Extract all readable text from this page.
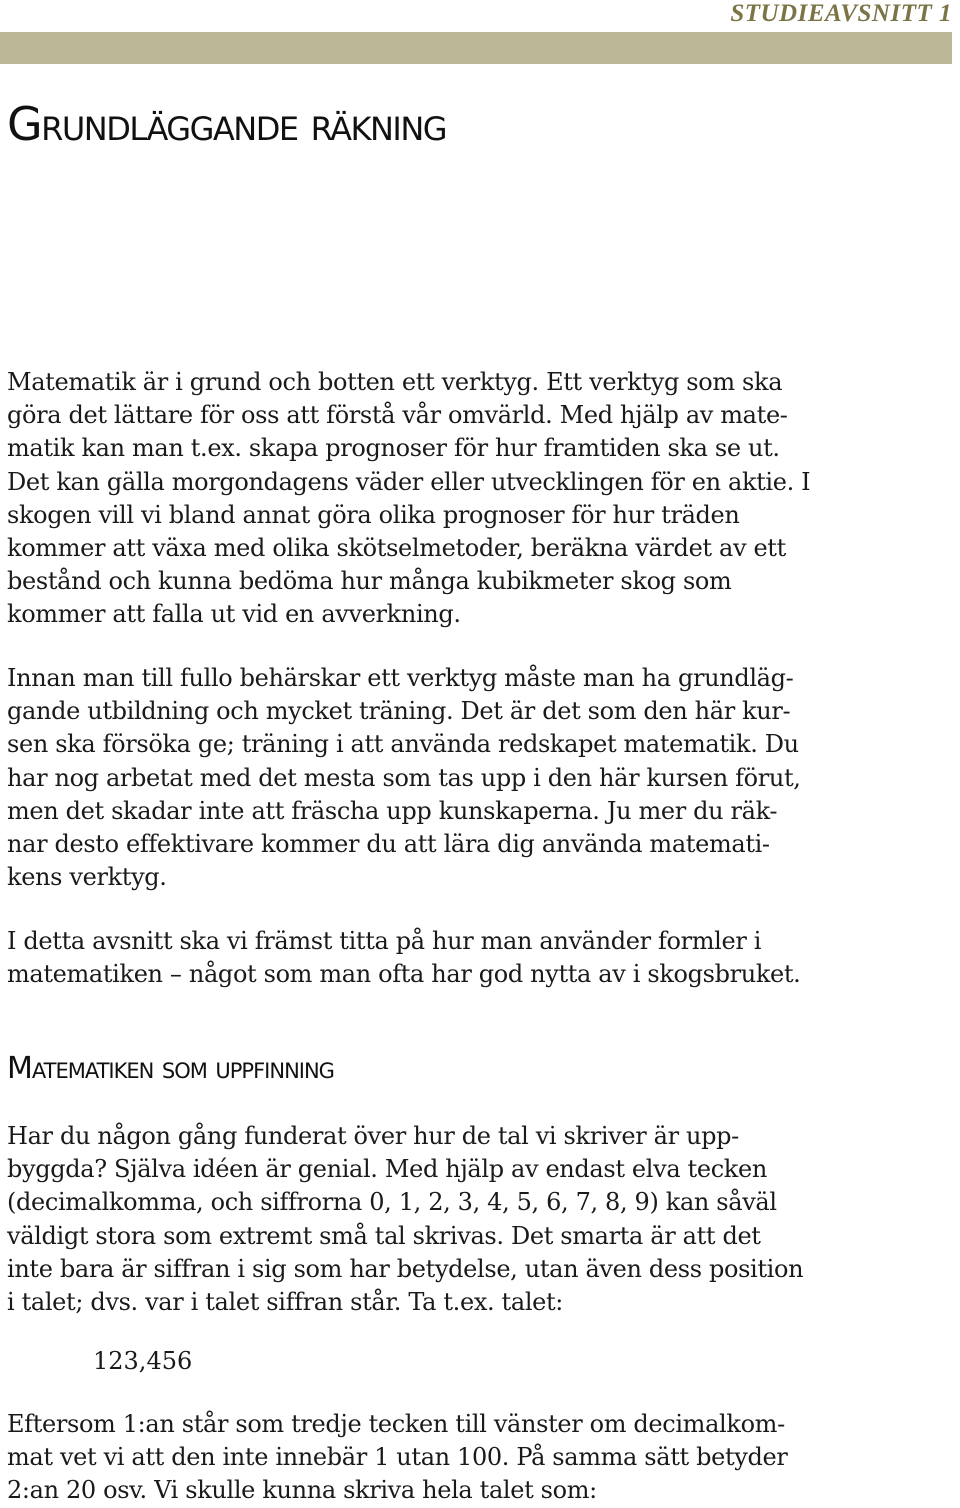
STUDIEAVSNITT 1
Grundläggande räkning
Matematik är i grund och botten ett verktyg. Ett verktyg som ska
göra det lättare för oss att förstå vår omvärld. Med hjälp av mate-
matik kan man t.ex. skapa prognoser för hur framtiden ska se ut.
Det kan gälla morgondagens väder eller utvecklingen för en aktie. I
skogen vill vi bland annat göra olika prognoser för hur träden
kommer att växa med olika skötselmetoder, beräkna värdet av ett
bestånd och kunna bedöma hur många kubikmeter skog som
kommer att falla ut vid en avverkning.
Innan man till fullo behärskar ett verktyg måste man ha grundläg-
gande utbildning och mycket träning. Det är det som den här kur-
sen ska försöka ge; träning i att använda redskapet matematik. Du
har nog arbetat med det mesta som tas upp i den här kursen förut,
men det skadar inte att fräscha upp kunskaperna. Ju mer du räk-
nar desto effektivare kommer du att lära dig använda matemati-
kens verktyg.
I detta avsnitt ska vi främst titta på hur man använder formler i
matematiken – något som man ofta har god nytta av i skogsbruket.
Matematiken som uppfinning
Har du någon gång funderat över hur de tal vi skriver är upp-
byggda? Själva idéen är genial. Med hjälp av endast elva tecken
(decimalkomma, och siffrorna 0, 1, 2, 3, 4, 5, 6, 7, 8, 9) kan såväl
väldigt stora som extremt små tal skrivas. Det smarta är att det
inte bara är siffran i sig som har betydelse, utan även dess position
i talet; dvs. var i talet siffran står. Ta t.ex. talet:
123,456
Eftersom 1:an står som tredje tecken till vänster om decimalkom-
mat vet vi att den inte innebär 1 utan 100. På samma sätt betyder
2:an 20 osv. Vi skulle kunna skriva hela talet som:
